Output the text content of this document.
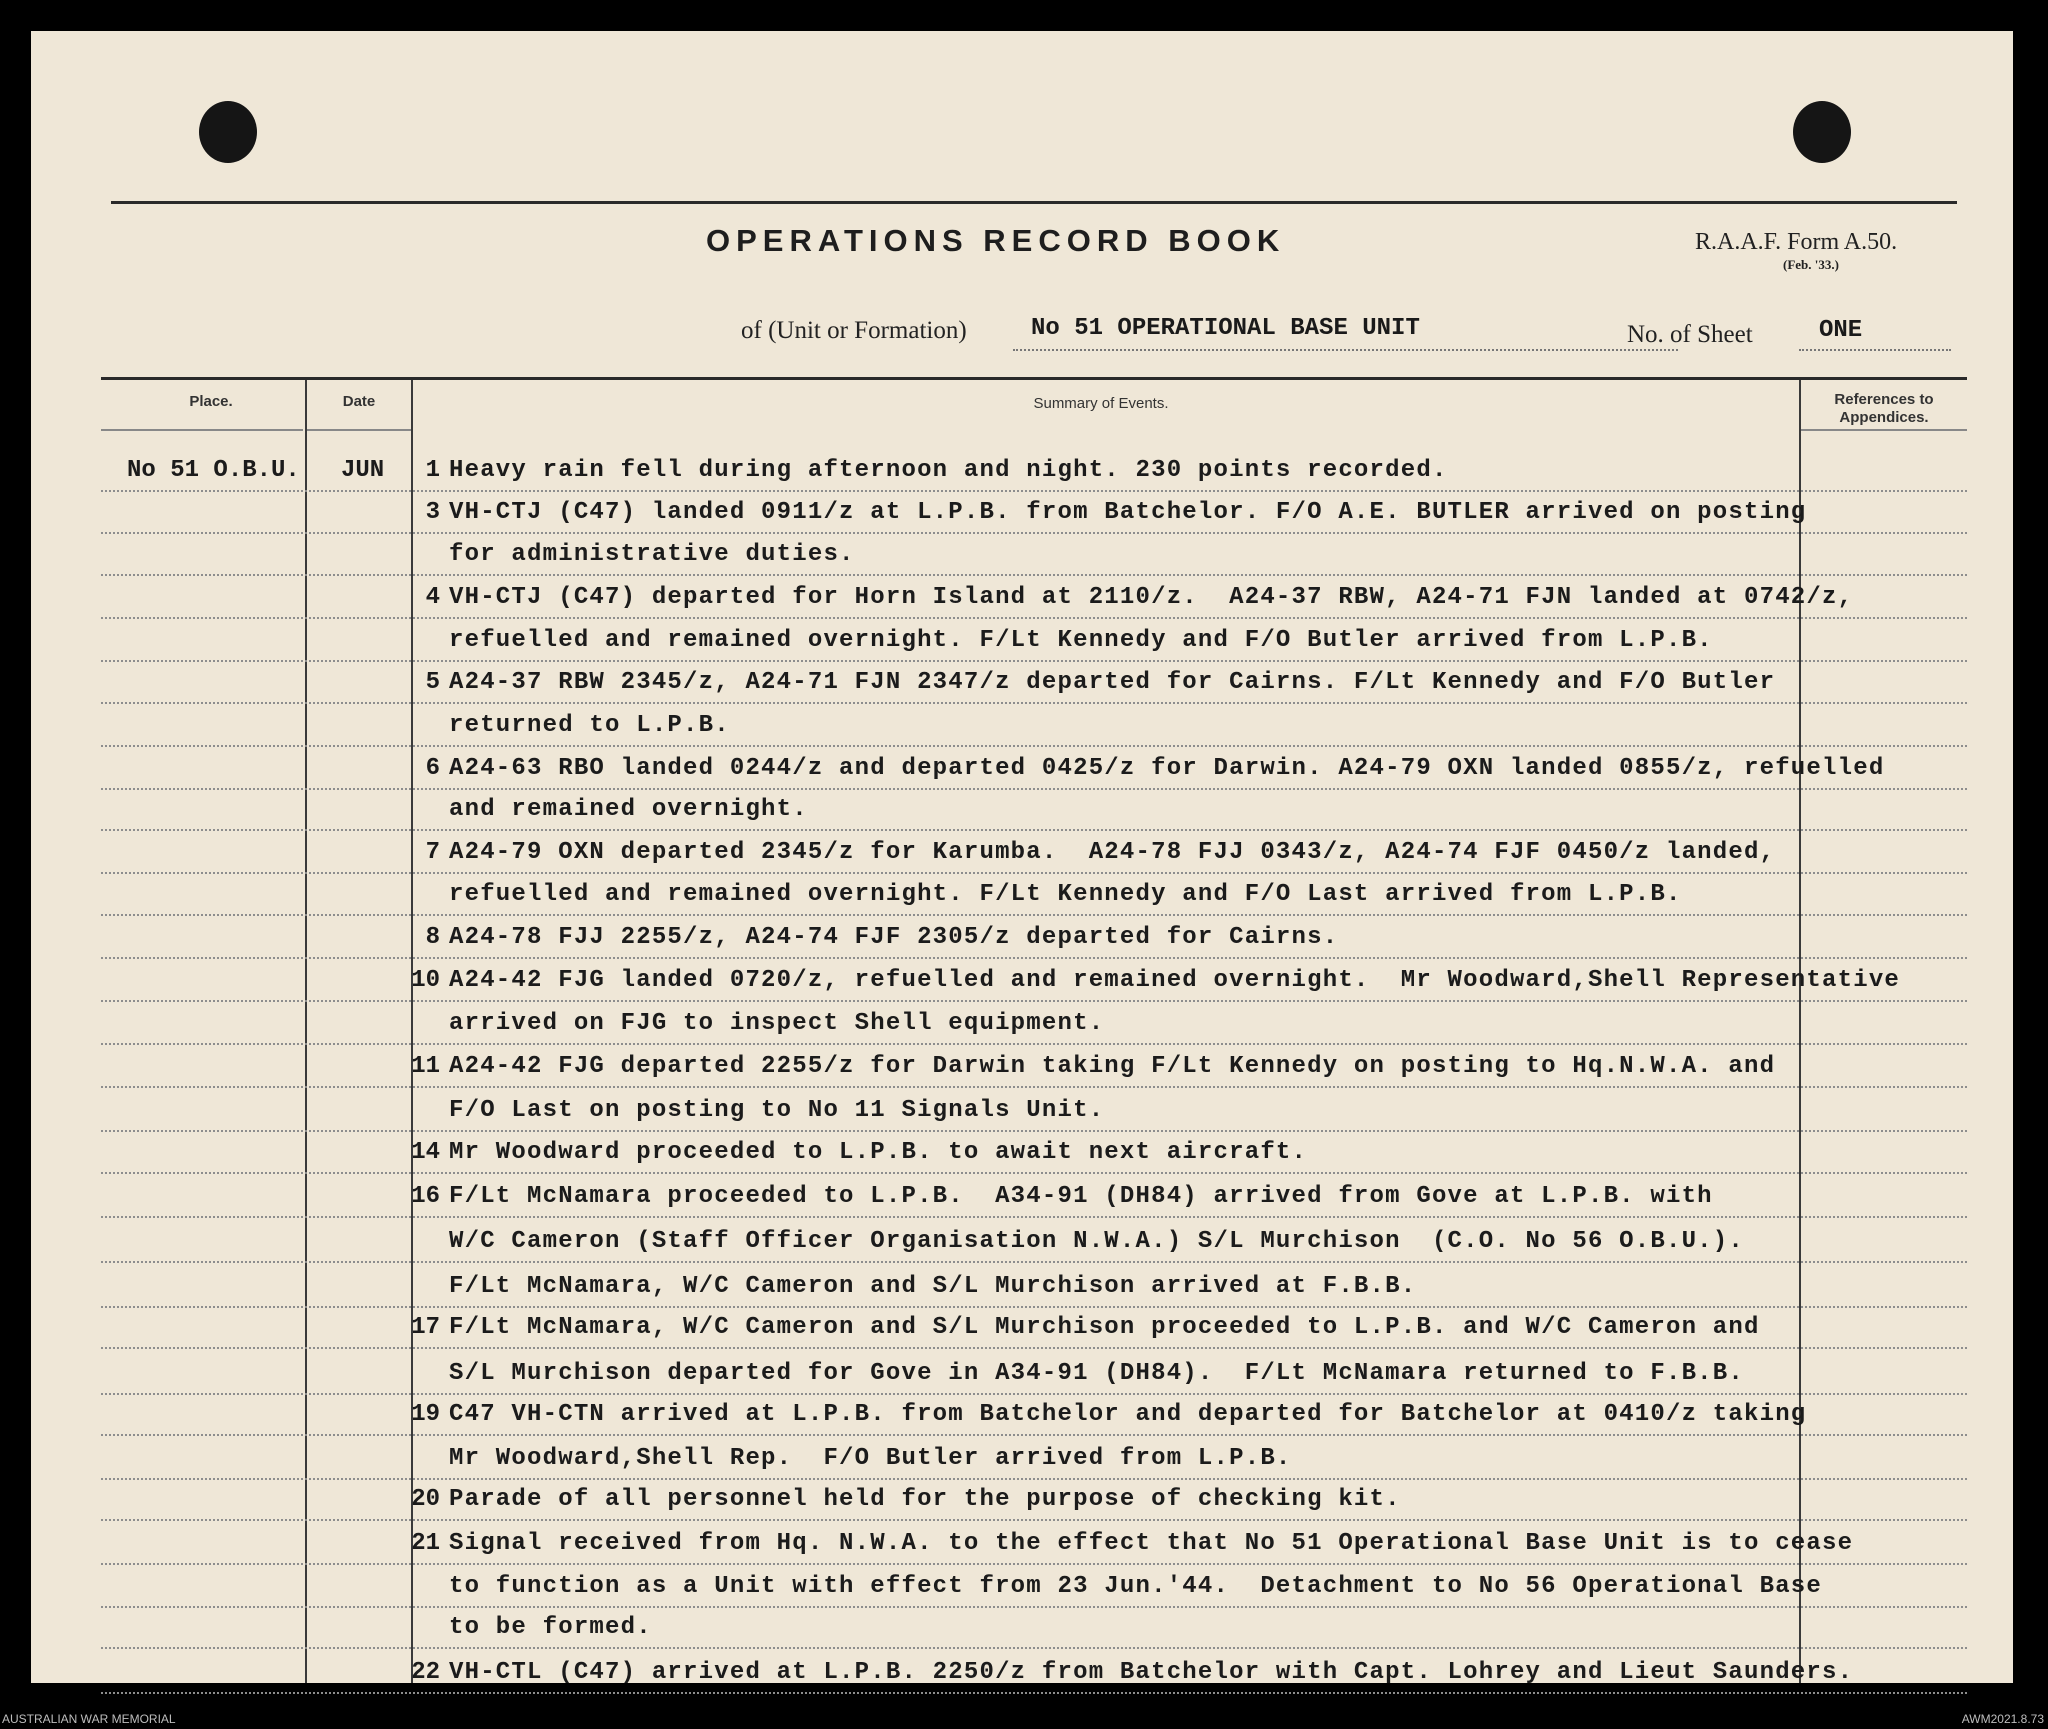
OPERATIONS RECORD BOOK	R.A.A.F. Form A.50.
(Feb. '33.)
of (Unit or Formation)	No 51 OPERATIONAL BASE UNIT	No. of Sheet	ONE
Place.	Date	Summary of Events.	References to Appendices.
No 51 O.B.U. JUN	1 Heavy rain fell during afternoon and night. 230 points recorded.
3 VH-CTJ (C47) landed 0911/z at L.P.B. from Batchelor. F/O A.E. BUTLER arrived on posting
for administrative duties.
4 VH-CTJ (C47) departed for Horn Island at 2110/z.  A24-37 RBW, A24-71 FJN landed at 0742/z,
refuelled and remained overnight. F/Lt Kennedy and F/O Butler arrived from L.P.B.
5 A24-37 RBW 2345/z, A24-71 FJN 2347/z departed for Cairns. F/Lt Kennedy and F/O Butler
returned to L.P.B.
6 A24-63 RBO landed 0244/z and departed 0425/z for Darwin. A24-79 OXN landed 0855/z, refuelled
and remained overnight.
7 A24-79 OXN departed 2345/z for Karumba.  A24-78 FJJ 0343/z, A24-74 FJF 0450/z landed,
refuelled and remained overnight. F/Lt Kennedy and F/O Last arrived from L.P.B.
8 A24-78 FJJ 2255/z, A24-74 FJF 2305/z departed for Cairns.
10 A24-42 FJG landed 0720/z, refuelled and remained overnight.  Mr Woodward,Shell Representative
arrived on FJG to inspect Shell equipment.
11 A24-42 FJG departed 2255/z for Darwin taking F/Lt Kennedy on posting to Hq.N.W.A. and
F/O Last on posting to No 11 Signals Unit.
14 Mr Woodward proceeded to L.P.B. to await next aircraft.
16 F/Lt McNamara proceeded to L.P.B.  A34-91 (DH84) arrived from Gove at L.P.B. with
W/C Cameron (Staff Officer Organisation N.W.A.) S/L Murchison  (C.O. No 56 O.B.U.).
F/Lt McNamara, W/C Cameron and S/L Murchison arrived at F.B.B.
17 F/Lt McNamara, W/C Cameron and S/L Murchison proceeded to L.P.B. and W/C Cameron and
S/L Murchison departed for Gove in A34-91 (DH84).  F/Lt McNamara returned to F.B.B.
19 C47 VH-CTN arrived at L.P.B. from Batchelor and departed for Batchelor at 0410/z taking
Mr Woodward,Shell Rep.  F/O Butler arrived from L.P.B.
20 Parade of all personnel held for the purpose of checking kit.
21 Signal received from Hq. N.W.A. to the effect that No 51 Operational Base Unit is to cease
to function as a Unit with effect from 23 Jun.'44.  Detachment to No 56 Operational Base
to be formed.
22 VH-CTL (C47) arrived at L.P.B. 2250/z from Batchelor with Capt. Lohrey and Lieut Saunders.
AUSTRALIAN WAR MEMORIAL	AWM2021.8.73
